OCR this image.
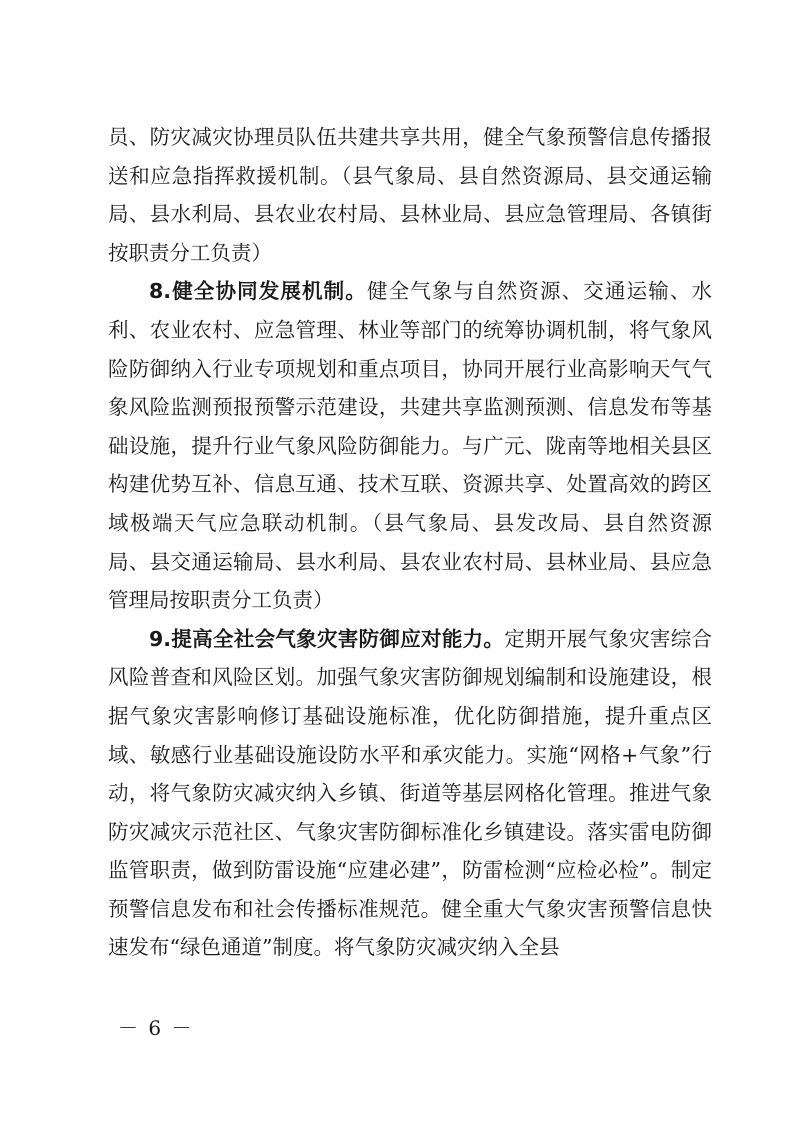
员、防灾减灾协理员队伍共建共享共用，健全气象预警信息传播报送和应急指挥救援机制。（县气象局、县自然资源局、县交通运输局、县水利局、县农业农村局、县林业局、县应急管理局、各镇街按职责分工负责）

8.健全协同发展机制。健全气象与自然资源、交通运输、水利、农业农村、应急管理、林业等部门的统筹协调机制，将气象风险防御纳入行业专项规划和重点项目，协同开展行业高影响天气气象风险监测预报预警示范建设，共建共享监测预测、信息发布等基础设施，提升行业气象风险防御能力。与广元、陇南等地相关县区构建优势互补、信息互通、技术互联、资源共享、处置高效的跨区域极端天气应急联动机制。（县气象局、县发改局、县自然资源局、县交通运输局、县水利局、县农业农村局、县林业局、县应急管理局按职责分工负责）

9.提高全社会气象灾害防御应对能力。定期开展气象灾害综合风险普查和风险区划。加强气象灾害防御规划编制和设施建设，根据气象灾害影响修订基础设施标准，优化防御措施，提升重点区域、敏感行业基础设施设防水平和承灾能力。实施“网格+气象”行动，将气象防灾减灾纳入乡镇、街道等基层网格化管理。推进气象防灾减灾示范社区、气象灾害防御标准化乡镇建设。落实雷电防御监管职责，做到防雷设施“应建必建”，防雷检测“应检必检”。制定预警信息发布和社会传播标准规范。健全重大气象灾害预警信息快速发布“绿色通道”制度。将气象防灾减灾纳入全县

－ 6 －
